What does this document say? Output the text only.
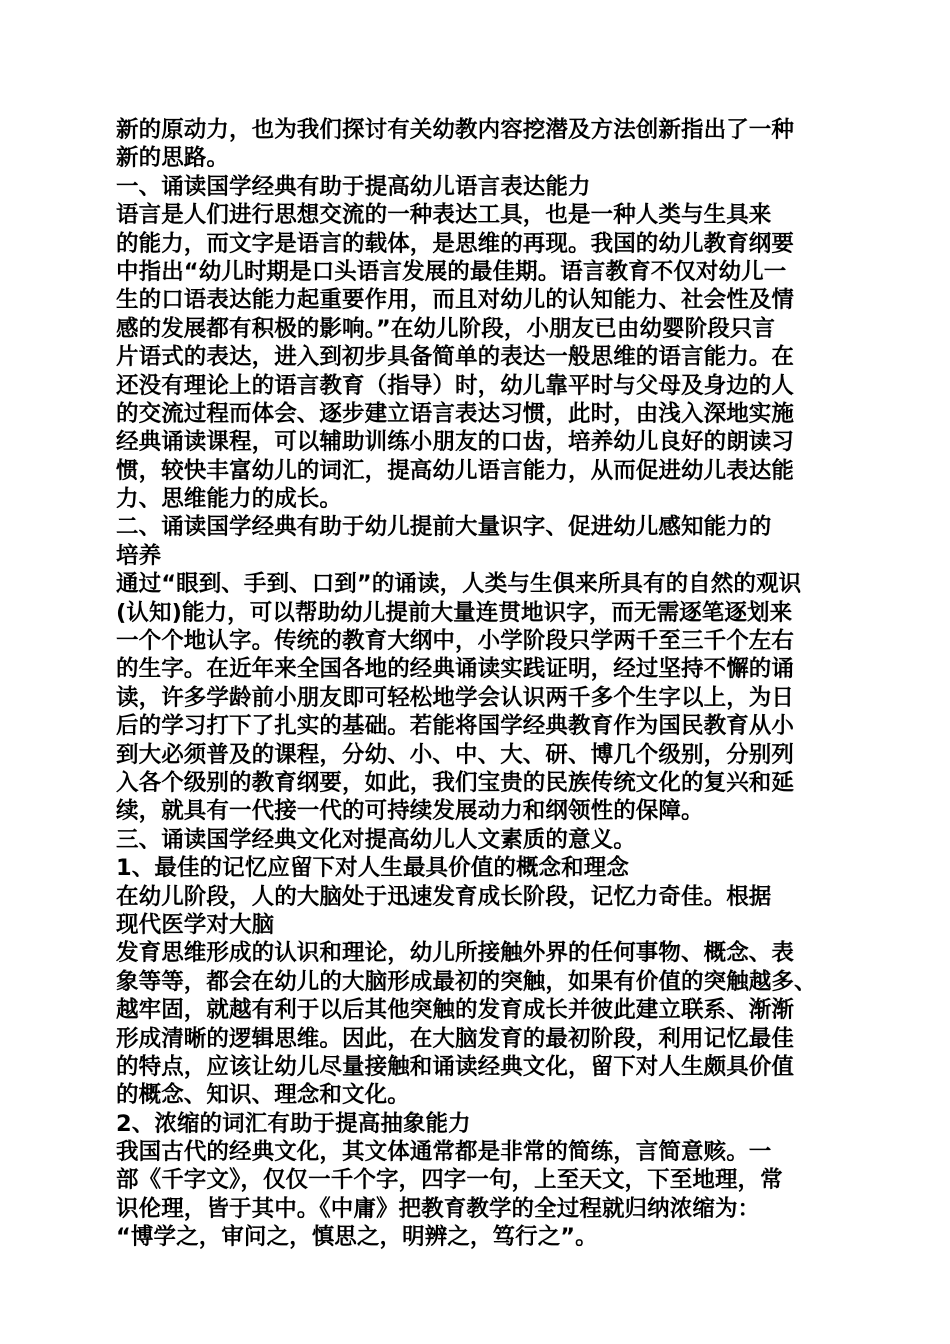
新的原动力，也为我们探讨有关幼教内容挖潜及方法创新指出了一种
新的思路。
一、诵读国学经典有助于提高幼儿语言表达能力
语言是人们进行思想交流的一种表达工具，也是一种人类与生具来
的能力，而文字是语言的载体，是思维的再现。我国的幼儿教育纲要
中指出“幼儿时期是口头语言发展的最佳期。语言教育不仅对幼儿一
生的口语表达能力起重要作用，而且对幼儿的认知能力、社会性及情
感的发展都有积极的影响。”在幼儿阶段，小朋友已由幼婴阶段只言
片语式的表达，进入到初步具备简单的表达一般思维的语言能力。在
还没有理论上的语言教育（指导）时，幼儿靠平时与父母及身边的人
的交流过程而体会、逐步建立语言表达习惯，此时，由浅入深地实施
经典诵读课程，可以辅助训练小朋友的口齿，培养幼儿良好的朗读习
惯，较快丰富幼儿的词汇，提高幼儿语言能力，从而促进幼儿表达能
力、思维能力的成长。
二、诵读国学经典有助于幼儿提前大量识字、促进幼儿感知能力的
培养
通过“眼到、手到、口到”的诵读，人类与生俱来所具有的自然的观识
(认知)能力，可以帮助幼儿提前大量连贯地识字，而无需逐笔逐划来
一个个地认字。传统的教育大纲中，小学阶段只学两千至三千个左右
的生字。在近年来全国各地的经典诵读实践证明，经过坚持不懈的诵
读，许多学龄前小朋友即可轻松地学会认识两千多个生字以上，为日
后的学习打下了扎实的基础。若能将国学经典教育作为国民教育从小
到大必须普及的课程，分幼、小、中、大、研、博几个级别，分别列
入各个级别的教育纲要，如此，我们宝贵的民族传统文化的复兴和延
续，就具有一代接一代的可持续发展动力和纲领性的保障。
三、诵读国学经典文化对提高幼儿人文素质的意义。
1、最佳的记忆应留下对人生最具价值的概念和理念
在幼儿阶段，人的大脑处于迅速发育成长阶段，记忆力奇佳。根据
现代医学对大脑
发育思维形成的认识和理论，幼儿所接触外界的任何事物、概念、表
象等等，都会在幼儿的大脑形成最初的突触，如果有价值的突触越多、
越牢固，就越有利于以后其他突触的发育成长并彼此建立联系、渐渐
形成清晰的逻辑思维。因此，在大脑发育的最初阶段，利用记忆最佳
的特点，应该让幼儿尽量接触和诵读经典文化，留下对人生颇具价值
的概念、知识、理念和文化。
2、浓缩的词汇有助于提高抽象能力
我国古代的经典文化，其文体通常都是非常的简练，言简意赅。一
部《千字文》，仅仅一千个字，四字一句，上至天文，下至地理，常
识伦理，皆于其中。《中庸》把教育教学的全过程就归纳浓缩为：
“博学之，审问之，慎思之，明辨之，笃行之”。
